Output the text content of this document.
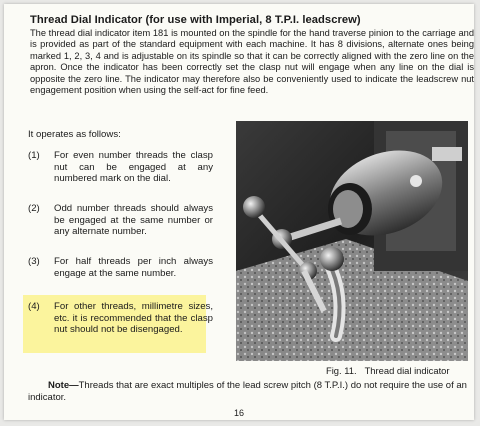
Thread Dial Indicator (for use with Imperial, 8 T.P.I. leadscrew)

The thread dial indicator item 181 is mounted on the spindle for the hand traverse pinion to the carriage and is provided as part of the standard equipment with each machine. It has 8 divisions, alternate ones being marked 1, 2, 3, 4 and is adjustable on its spindle so that it can be correctly aligned with the zero line on the apron. Once the indicator has been correctly set the clasp nut will engage when any line on the dial is opposite the zero line. The indicator may therefore also be conveniently used to indicate the leadscrew nut engagement position when using the self-act for fine feed.

It operates as follows:

(1) For even number threads the clasp nut can be engaged at any numbered mark on the dial.
(2) Odd number threads should always be engaged at the same number or any alternate number.
(3) For half threads per inch always engage at the same number.
(4) For other threads, millimetre sizes, etc. it is recommended that the clasp nut should not be disengaged.

Fig. 11. Thread dial indicator

Note—Threads that are exact multiples of the lead screw pitch (8 T.P.I.) do not require the use of an indicator.

16
